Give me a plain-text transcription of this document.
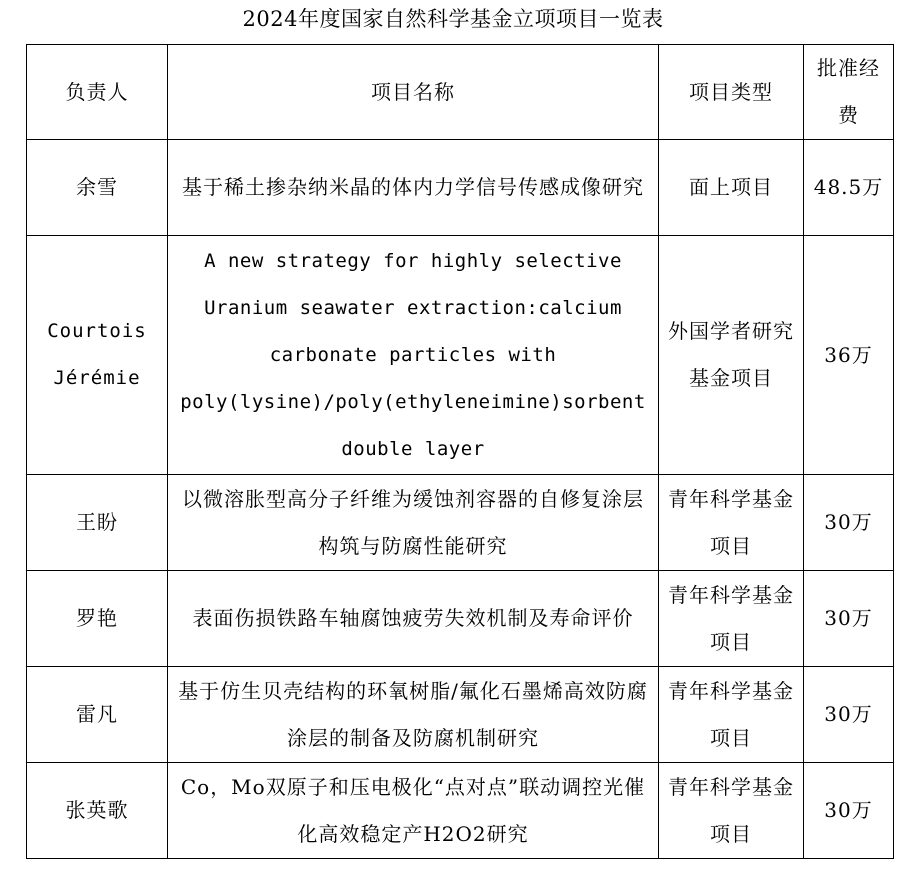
2024年度国家自然科学基金立项项目一览表
负责人	项目名称	项目类型	批准经费

余雪	基于稀土掺杂纳米晶的体内力学信号传感成像研究	面上项目	48.5万

Courtois Jérémie	A new strategy for highly selective Uranium seawater extraction:calcium carbonate particles with poly(lysine)/poly(ethyleneimine)sorbent double layer	外国学者研究基金项目	36万

王盼	以微溶胀型高分子纤维为缓蚀剂容器的自修复涂层构筑与防腐性能研究	青年科学基金项目	30万

罗艳	表面伤损铁路车轴腐蚀疲劳失效机制及寿命评价	青年科学基金项目	30万

雷凡	基于仿生贝壳结构的环氧树脂/氟化石墨烯高效防腐涂层的制备及防腐机制研究	青年科学基金项目	30万

张英歌	Co，Mo双原子和压电极化“点对点”联动调控光催化高效稳定产H2O2研究	青年科学基金项目	30万
